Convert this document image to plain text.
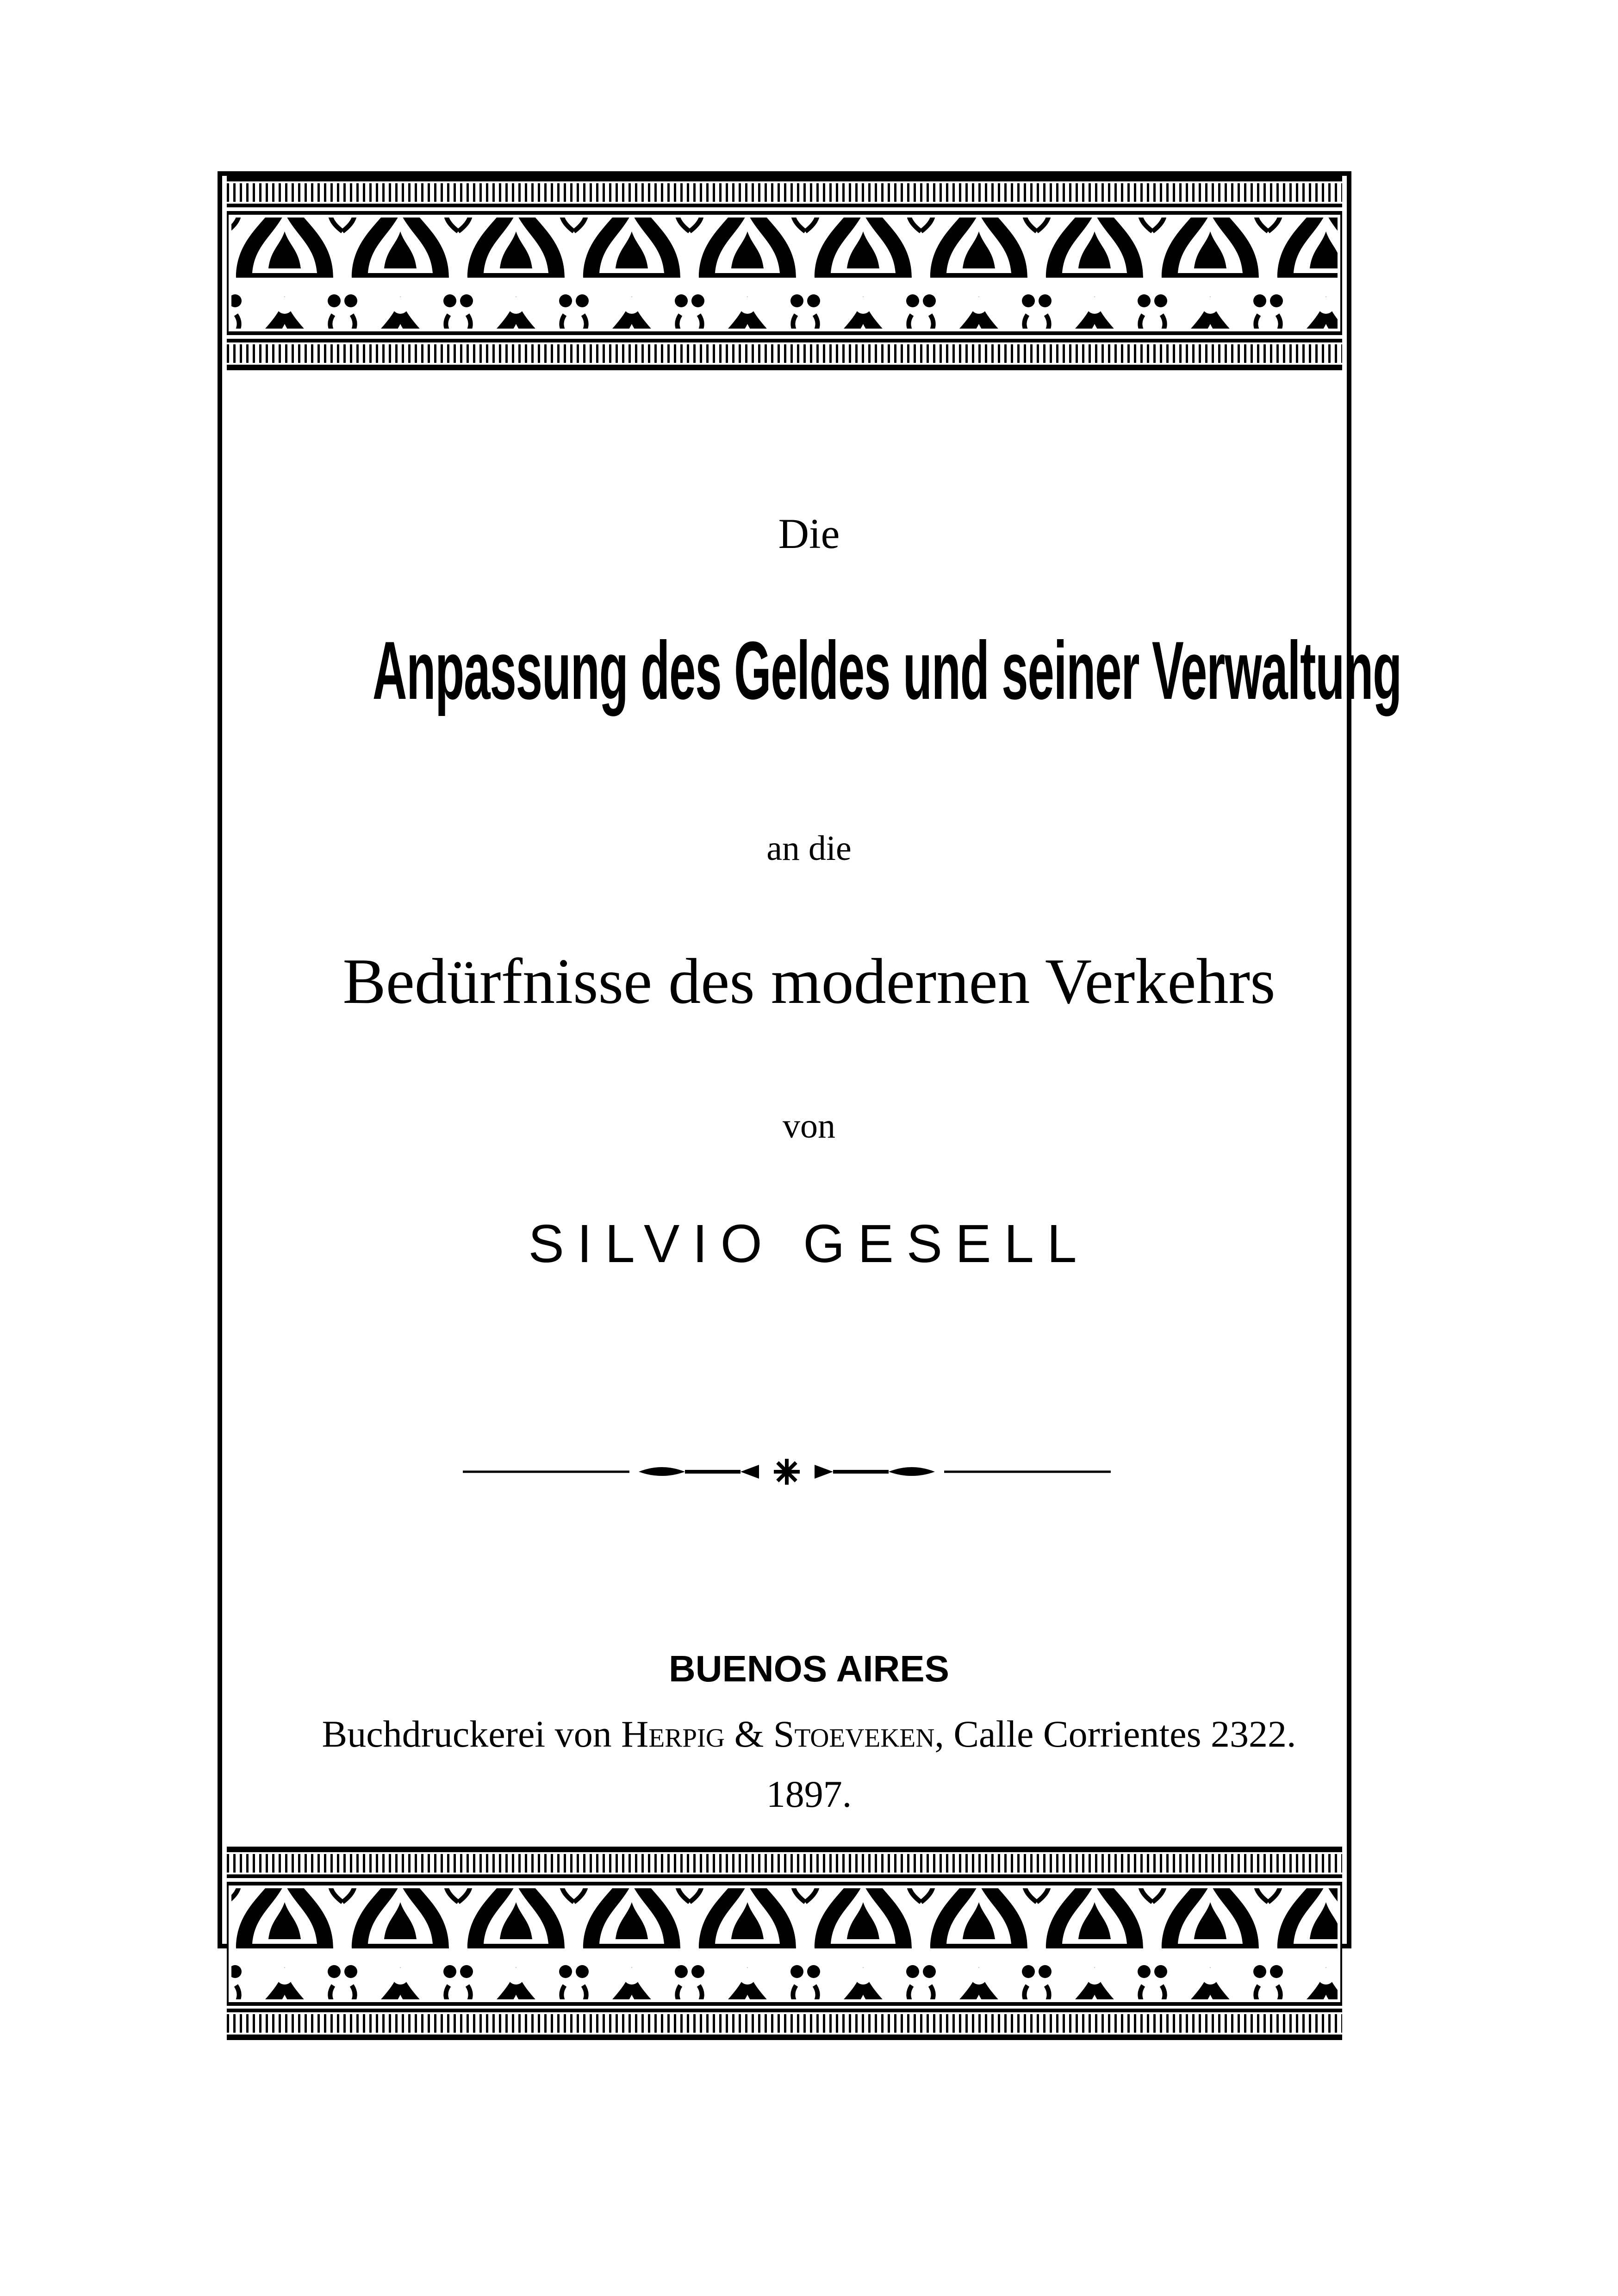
Die
Anpassung des Geldes und seiner Verwaltung
an die
Bedürfnisse des modernen Verkehrs
von
SILVIO GESELL
BUENOS AIRES
Buchdruckerei von Herpig & Stoeveken, Calle Corrientes 2322.
1897.
